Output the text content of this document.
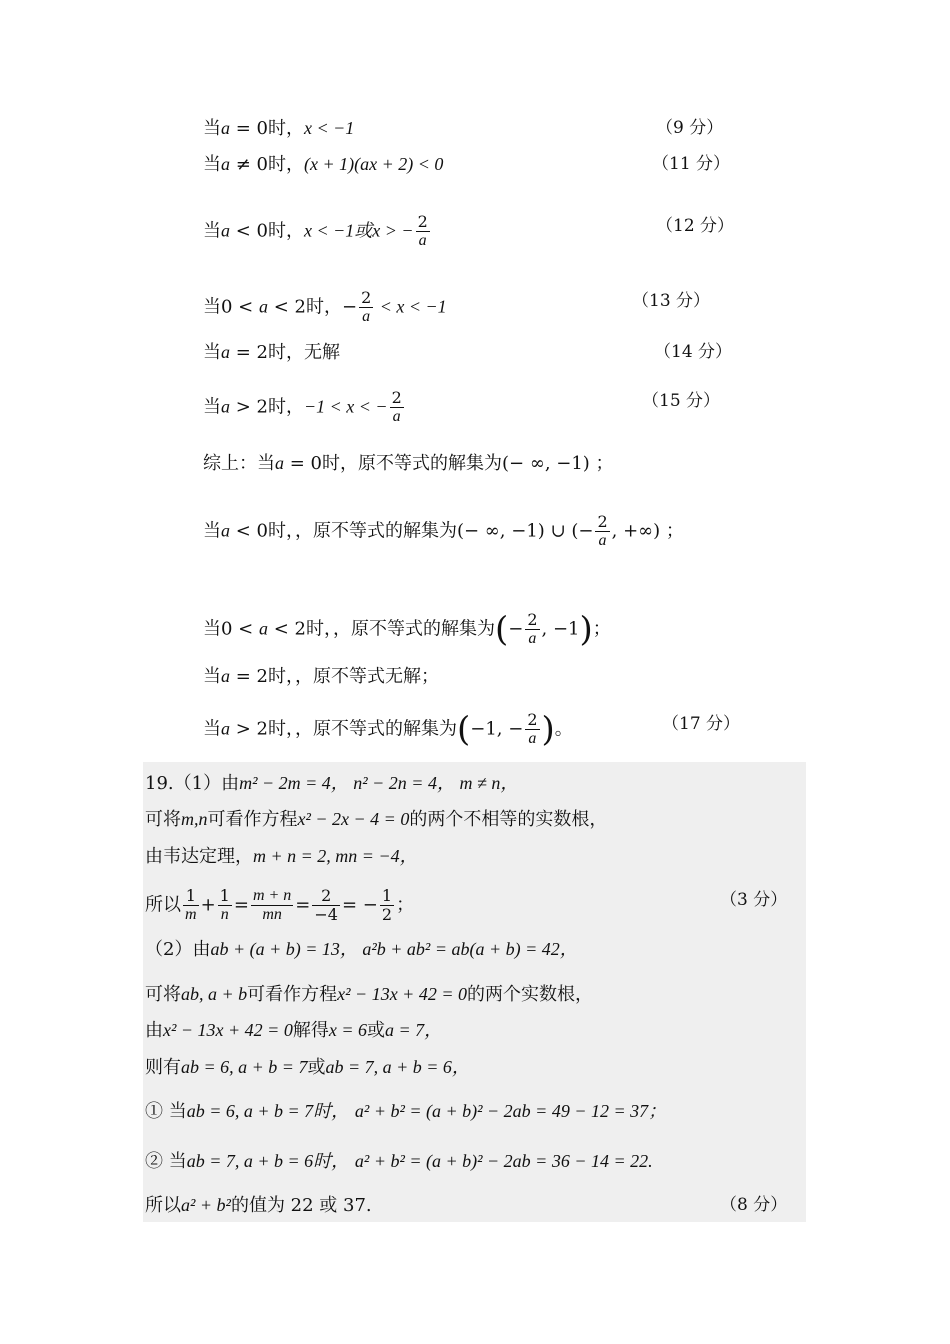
当a = 0时，x < −1	（9 分）
当a ≠ 0时，(x + 1)(ax + 2) < 0	（11 分）
当a < 0时，x < −1或x > − $\frac{2}{a}$	（12 分）
当0 < a < 2时，− $\frac{2}{a} < x < -1$	（13 分）
当a = 2时，无解	（14 分）
当a > 2时，−1 < x < − $\frac{2}{a}$	（15 分）
综上：当a = 0时，原不等式的解集为(− ∞, −1) ；
当a < 0时，，原不等式的解集为(− ∞, −1) ∪ (− $\frac{2}{a}$ , +∞) ；
当0 < a < 2时，，原不等式的解集为(− $\frac{2}{a}$ , −1)；
当a = 2时，，原不等式无解；
当a > 2时，，原不等式的解集为(−1, − $\frac{2}{a}$ )。	（17 分）
19.（1）由m² − 2m = 4， n² − 2n = 4， m ≠ n，
可将m,n可看作方程x² − 2x − 4 = 0的两个不相等的实数根，
由韦达定理，m + n = 2, mn = −4，
所以 $\frac{1}{m} + \frac{1}{n} = \frac{m + n}{mn} = \frac{2}{-4}$ = − $\frac{1}{2}$ ；	（3 分）
（2）由ab + (a + b) = 13， a²b + ab² = ab(a + b) = 42，
可将ab, a + b可看作方程x² − 13x + 42 = 0的两个实数根，
由x² − 13x + 42 = 0解得x = 6或a = 7，
则有ab = 6, a + b = 7或ab = 7, a + b = 6，
① 当ab = 6, a + b = 7时， a² + b² = (a + b)² − 2ab = 49 − 12 = 37；
② 当ab = 7, a + b = 6时， a² + b² = (a + b)² − 2ab = 36 − 14 = 22.
所以a² + b²的值为 22 或 37.	（8 分）
